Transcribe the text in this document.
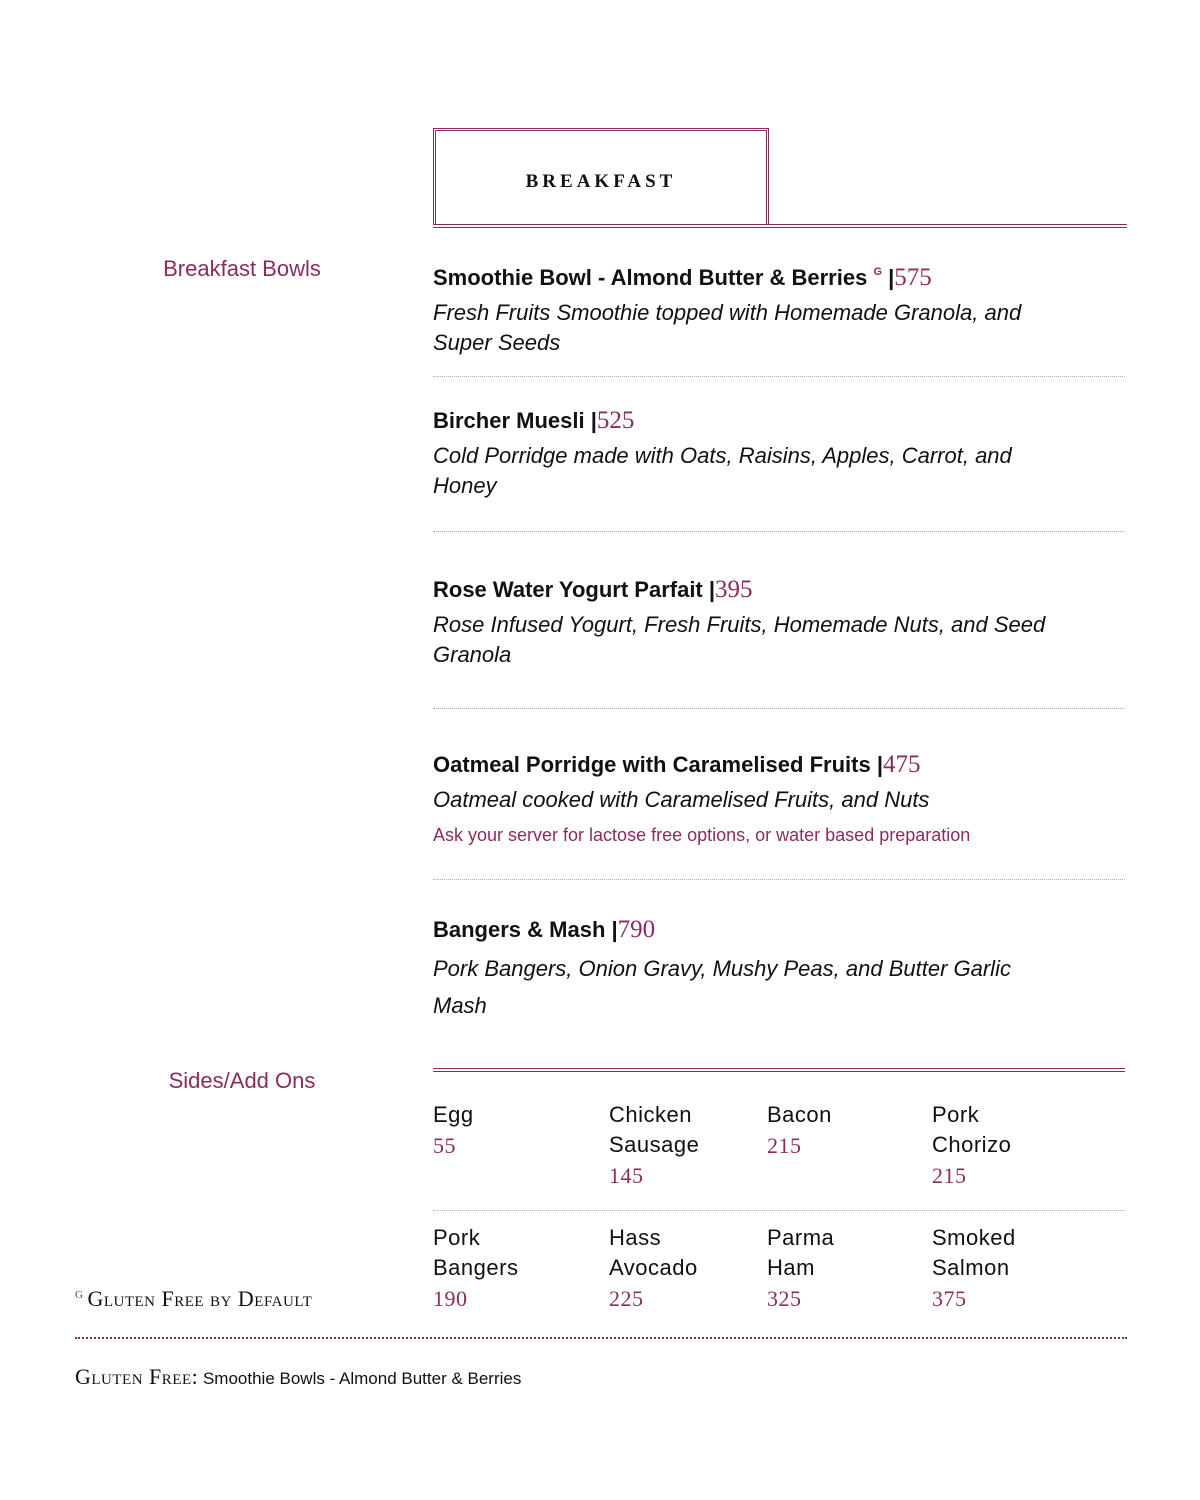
BREAKFAST
Breakfast Bowls
Sides/Add Ons
Smoothie Bowl - Almond Butter & Berries $^G$ |575
Fresh Fruits Smoothie topped with Homemade Granola, and Super Seeds
Bircher Muesli |525
Cold Porridge made with Oats, Raisins, Apples, Carrot, and Honey
Rose Water Yogurt Parfait |395
Rose Infused Yogurt, Fresh Fruits, Homemade Nuts, and Seed Granola
Oatmeal Porridge with Caramelised Fruits |475
Oatmeal cooked with Caramelised Fruits, and Nuts
Ask your server for lactose free options, or water based preparation
Bangers & Mash |790
Pork Bangers, Onion Gravy, Mushy Peas, and Butter Garlic Mash
Egg
55
Chicken Sausage
145
Bacon
215
Pork Chorizo
215
Pork Bangers
190
Hass Avocado
225
Parma Ham
325
Smoked Salmon
375
$^G$ Gluten Free by Default
Gluten Free: Smoothie Bowls - Almond Butter & Berries
